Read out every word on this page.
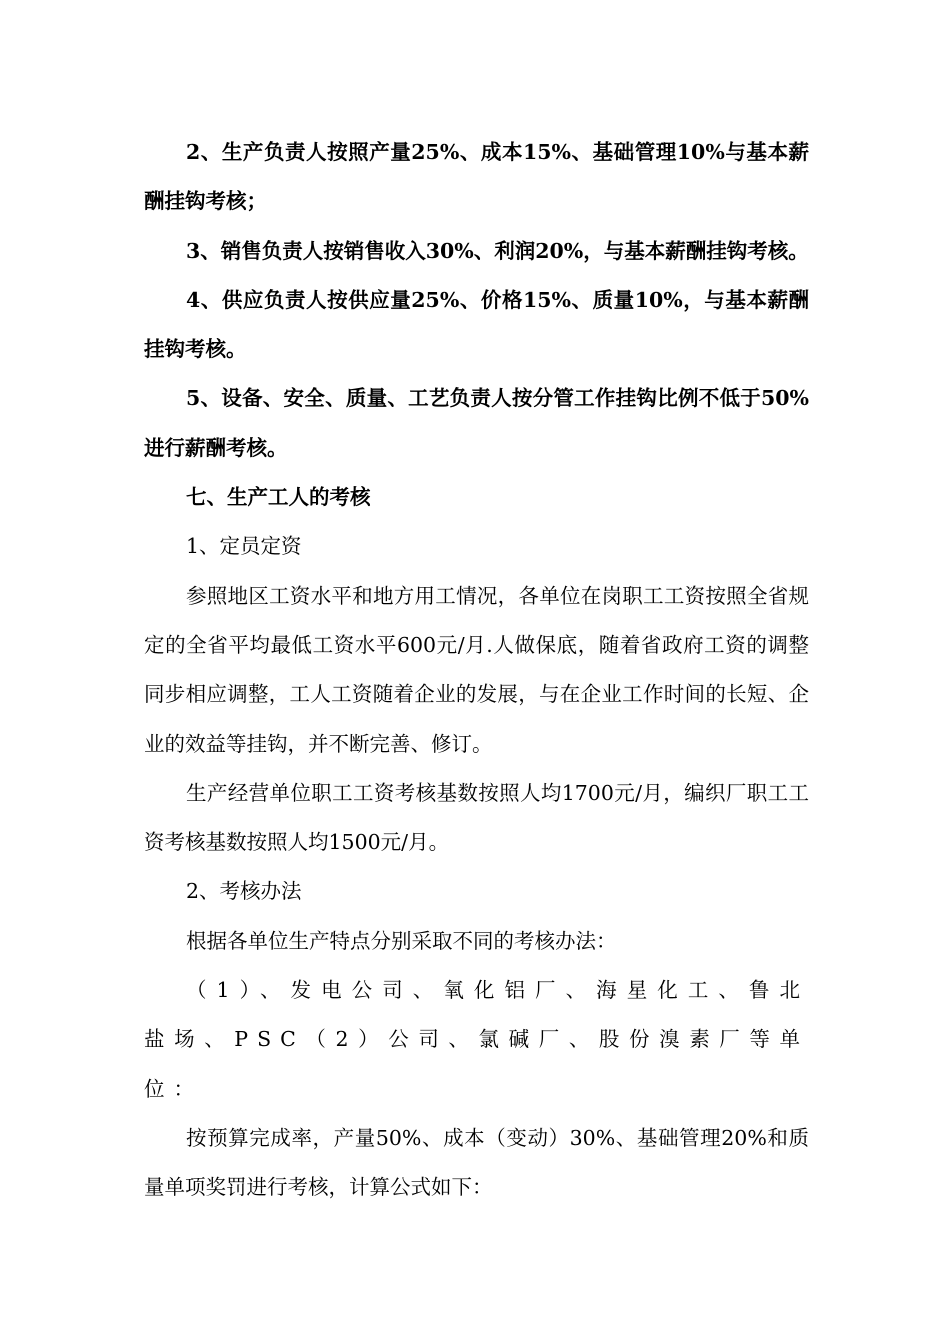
2、生产负责人按照产量25%、成本15%、基础管理10%与基本薪酬挂钩考核；

3、销售负责人按销售收入30%、利润20%，与基本薪酬挂钩考核。

4、供应负责人按供应量25%、价格15%、质量10%，与基本薪酬挂钩考核。

5、设备、安全、质量、工艺负责人按分管工作挂钩比例不低于50%进行薪酬考核。

七、生产工人的考核

1、定员定资

参照地区工资水平和地方用工情况，各单位在岗职工工资按照全省规定的全省平均最低工资水平600元/月.人做保底，随着省政府工资的调整同步相应调整，工人工资随着企业的发展，与在企业工作时间的长短、企业的效益等挂钩，并不断完善、修订。

生产经营单位职工工资考核基数按照人均1700元/月，编织厂职工工资考核基数按照人均1500元/月。

2、考核办法

根据各单位生产特点分别采取不同的考核办法：

（1）、发电公司、氧化铝厂、海星化工、鲁北盐场、PSC（2）公司、氯碱厂、股份溴素厂等单位：

按预算完成率，产量50%、成本（变动）30%、基础管理20%和质量单项奖罚进行考核，计算公式如下：
